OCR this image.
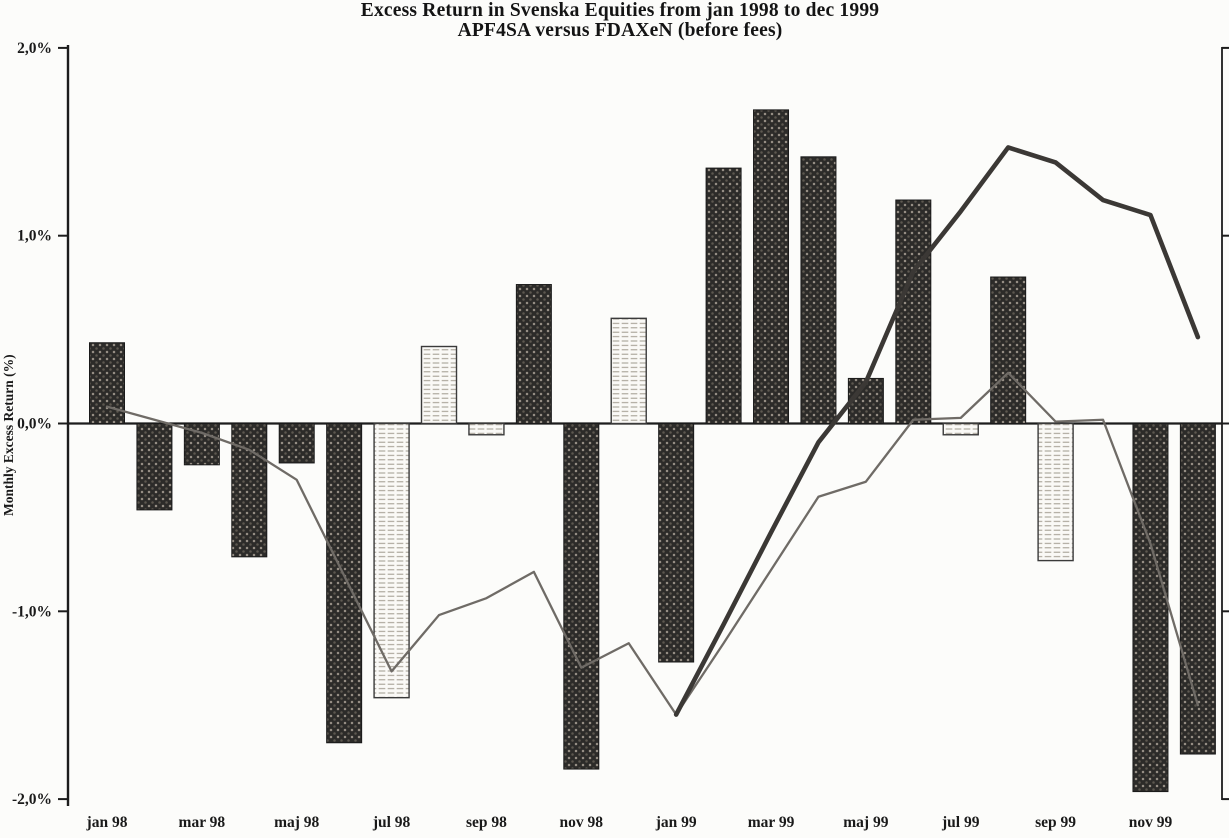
Excess Return in Svenska Equities from jan 1998 to dec 1999
APF4SA versus FDAXeN (before fees)
Monthly Excess Return (%)
2,0%
1,0%
0,0%
-1,0%
-2,0%
jan 98	mar 98	maj 98	jul 98	sep 98	nov 98	jan 99	mar 99	maj 99	jul 99	sep 99	nov 99
